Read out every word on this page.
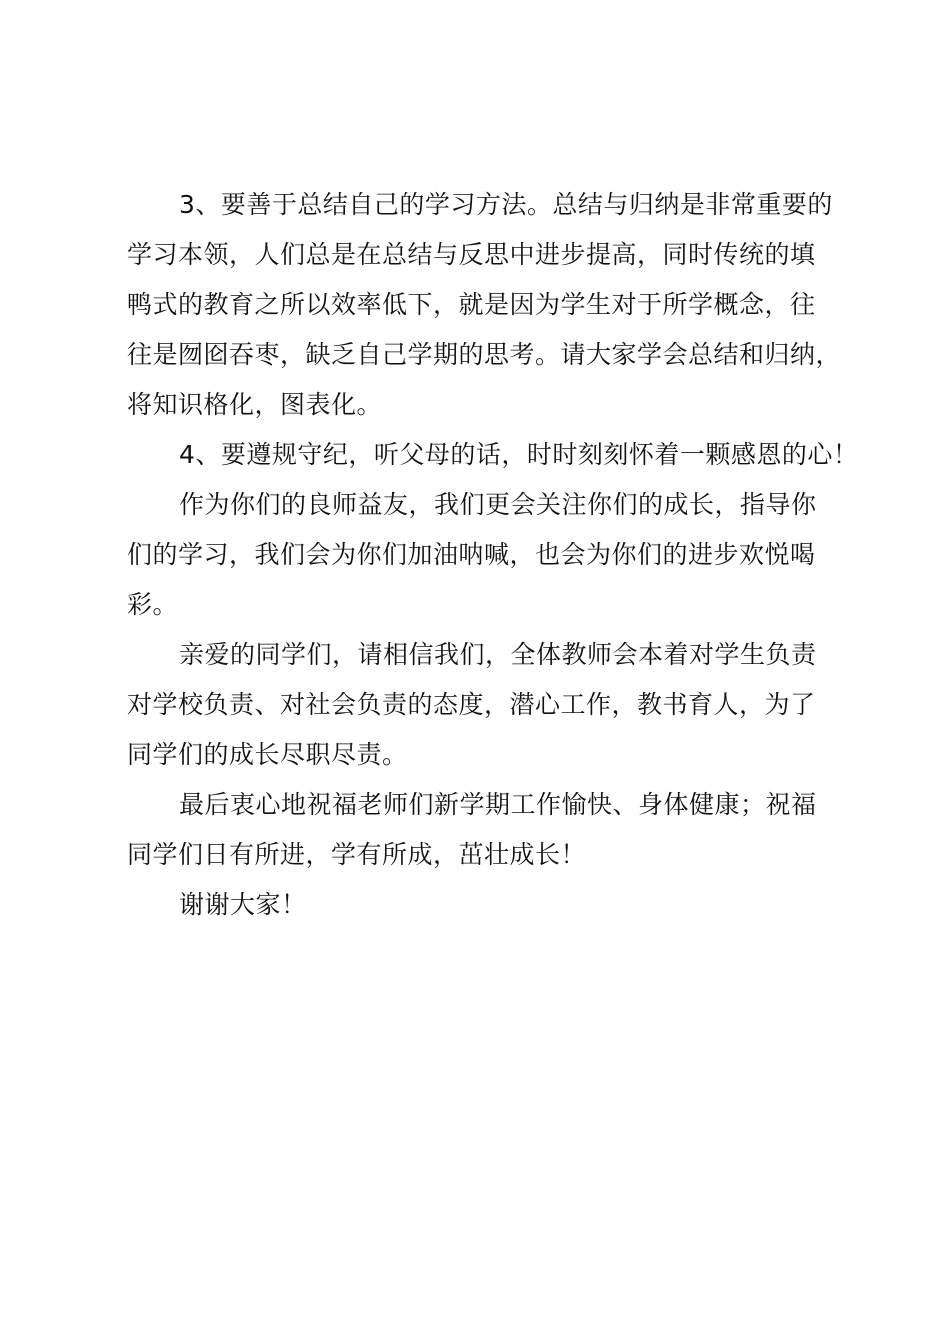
3、要善于总结自己的学习方法。总结与归纳是非常重要的
学习本领，人们总是在总结与反思中进步提高，同时传统的填
鸭式的教育之所以效率低下，就是因为学生对于所学概念，往
往是囫囵吞枣，缺乏自己学期的思考。请大家学会总结和归纳，
将知识格化，图表化。
4、要遵规守纪，听父母的话，时时刻刻怀着一颗感恩的心！
作为你们的良师益友，我们更会关注你们的成长，指导你
们的学习，我们会为你们加油呐喊，也会为你们的进步欢悦喝
彩。
亲爱的同学们，请相信我们，全体教师会本着对学生负责
对学校负责、对社会负责的态度，潜心工作，教书育人，为了
同学们的成长尽职尽责。
最后衷心地祝福老师们新学期工作愉快、身体健康；祝福
同学们日有所进，学有所成，茁壮成长！
谢谢大家！
